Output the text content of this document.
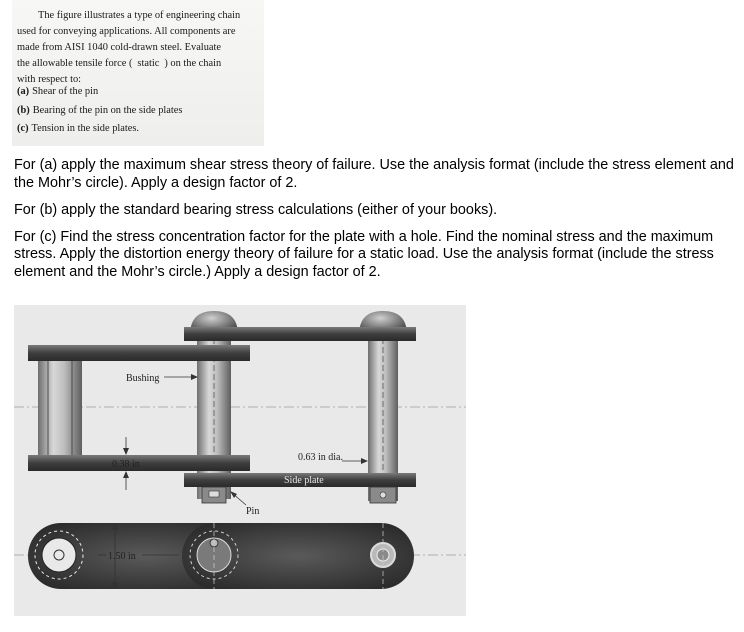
The figure illustrates a type of engineering chain
used for conveying applications. All components are
made from AISI 1040 cold-drawn steel. Evaluate
the allowable tensile force ( static ) on the chain
with respect to:
(a) Shear of the pin
(b) Bearing of the pin on the side plates
(c) Tension in the side plates.

For (a) apply the maximum shear stress theory of failure. Use the analysis format (include the stress element and the Mohr’s circle). Apply a design factor of 2.

For (b) apply the standard bearing stress calculations (either of your books).

For (c) Find the stress concentration factor for the plate with a hole. Find the nominal stress and the maximum stress. Apply the distortion energy theory of failure for a static load. Use the analysis format (include the stress element and the Mohr’s circle.) Apply a design factor of 2.

Bushing
0.38 in
0.63 in dia.
Side plate
Pin
1.50 in
